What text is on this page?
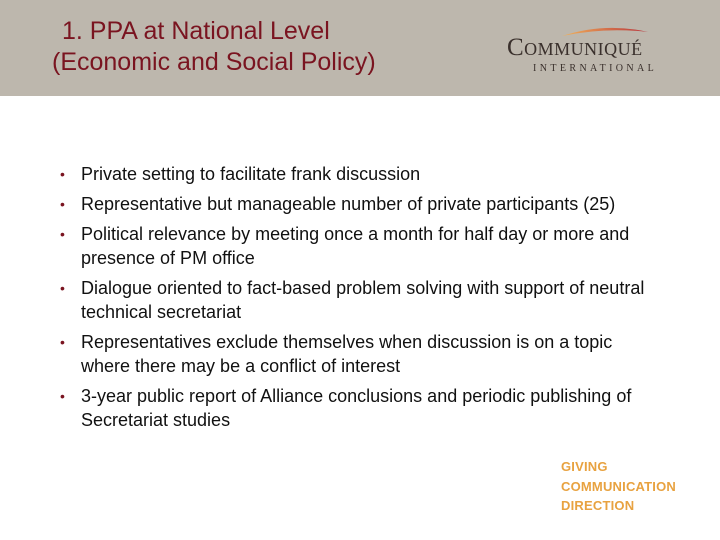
1. PPA at National Level
(Economic and Social Policy)
Communiqué
INTERNATIONAL
• Private setting to facilitate frank discussion
• Representative but manageable number of private participants (25)
• Political relevance by meeting once a month for half day or more and presence of PM office
• Dialogue oriented to fact-based problem solving with support of neutral technical secretariat
• Representatives exclude themselves when discussion is on a topic where there may be a conflict of interest
• 3-year public report of Alliance conclusions and periodic publishing of Secretariat studies
GIVING
COMMUNICATION
DIRECTION
